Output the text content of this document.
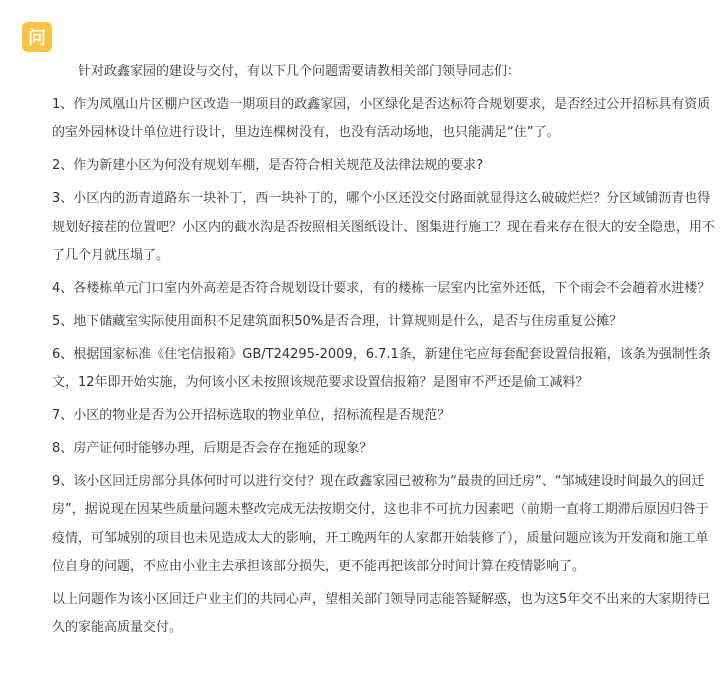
问

针对政鑫家园的建设与交付，有以下几个问题需要请教相关部门领导同志们：

1、作为凤凰山片区棚户区改造一期项目的政鑫家园，小区绿化是否达标符合规划要求，是否经过公开招标具有资质的室外园林设计单位进行设计，里边连棵树没有，也没有活动场地，也只能满足“住”了。

2、作为新建小区为何没有规划车棚，是否符合相关规范及法律法规的要求?

3、小区内的沥青道路东一块补丁，西一块补丁的，哪个小区还没交付路面就显得这么破破烂烂？分区域铺沥青也得规划好接茬的位置吧？小区内的截水沟是否按照相关图纸设计、图集进行施工？现在看来存在很大的安全隐患，用不了几个月就压塌了。

4、各楼栋单元门口室内外高差是否符合规划设计要求，有的楼栋一层室内比室外还低，下个雨会不会趟着水进楼？

5、地下储藏室实际使用面积不足建筑面积50%是否合理，计算规则是什么，是否与住房重复公摊？

6、根据国家标准《住宅信报箱》GB/T24295-2009，6.7.1条，新建住宅应每套配套设置信报箱，该条为强制性条文，12年即开始实施，为何该小区未按照该规范要求设置信报箱？是图审不严还是偷工减料？

7、小区的物业是否为公开招标选取的物业单位，招标流程是否规范？

8、房产证何时能够办理，后期是否会存在拖延的现象？

9、该小区回迁房部分具体何时可以进行交付？现在政鑫家园已被称为“最贵的回迁房”、“邹城建设时间最久的回迁房”，据说现在因某些质量问题未整改完成无法按期交付，这也非不可抗力因素吧（前期一直将工期滞后原因归咎于疫情，可邹城别的项目也未见造成太大的影响，开工晚两年的人家都开始装修了），质量问题应该为开发商和施工单位自身的问题，不应由小业主去承担该部分损失，更不能再把该部分时间计算在疫情影响了。

以上问题作为该小区回迁户业主们的共同心声，望相关部门领导同志能答疑解惑，也为这5年交不出来的大家期待已久的家能高质量交付。
